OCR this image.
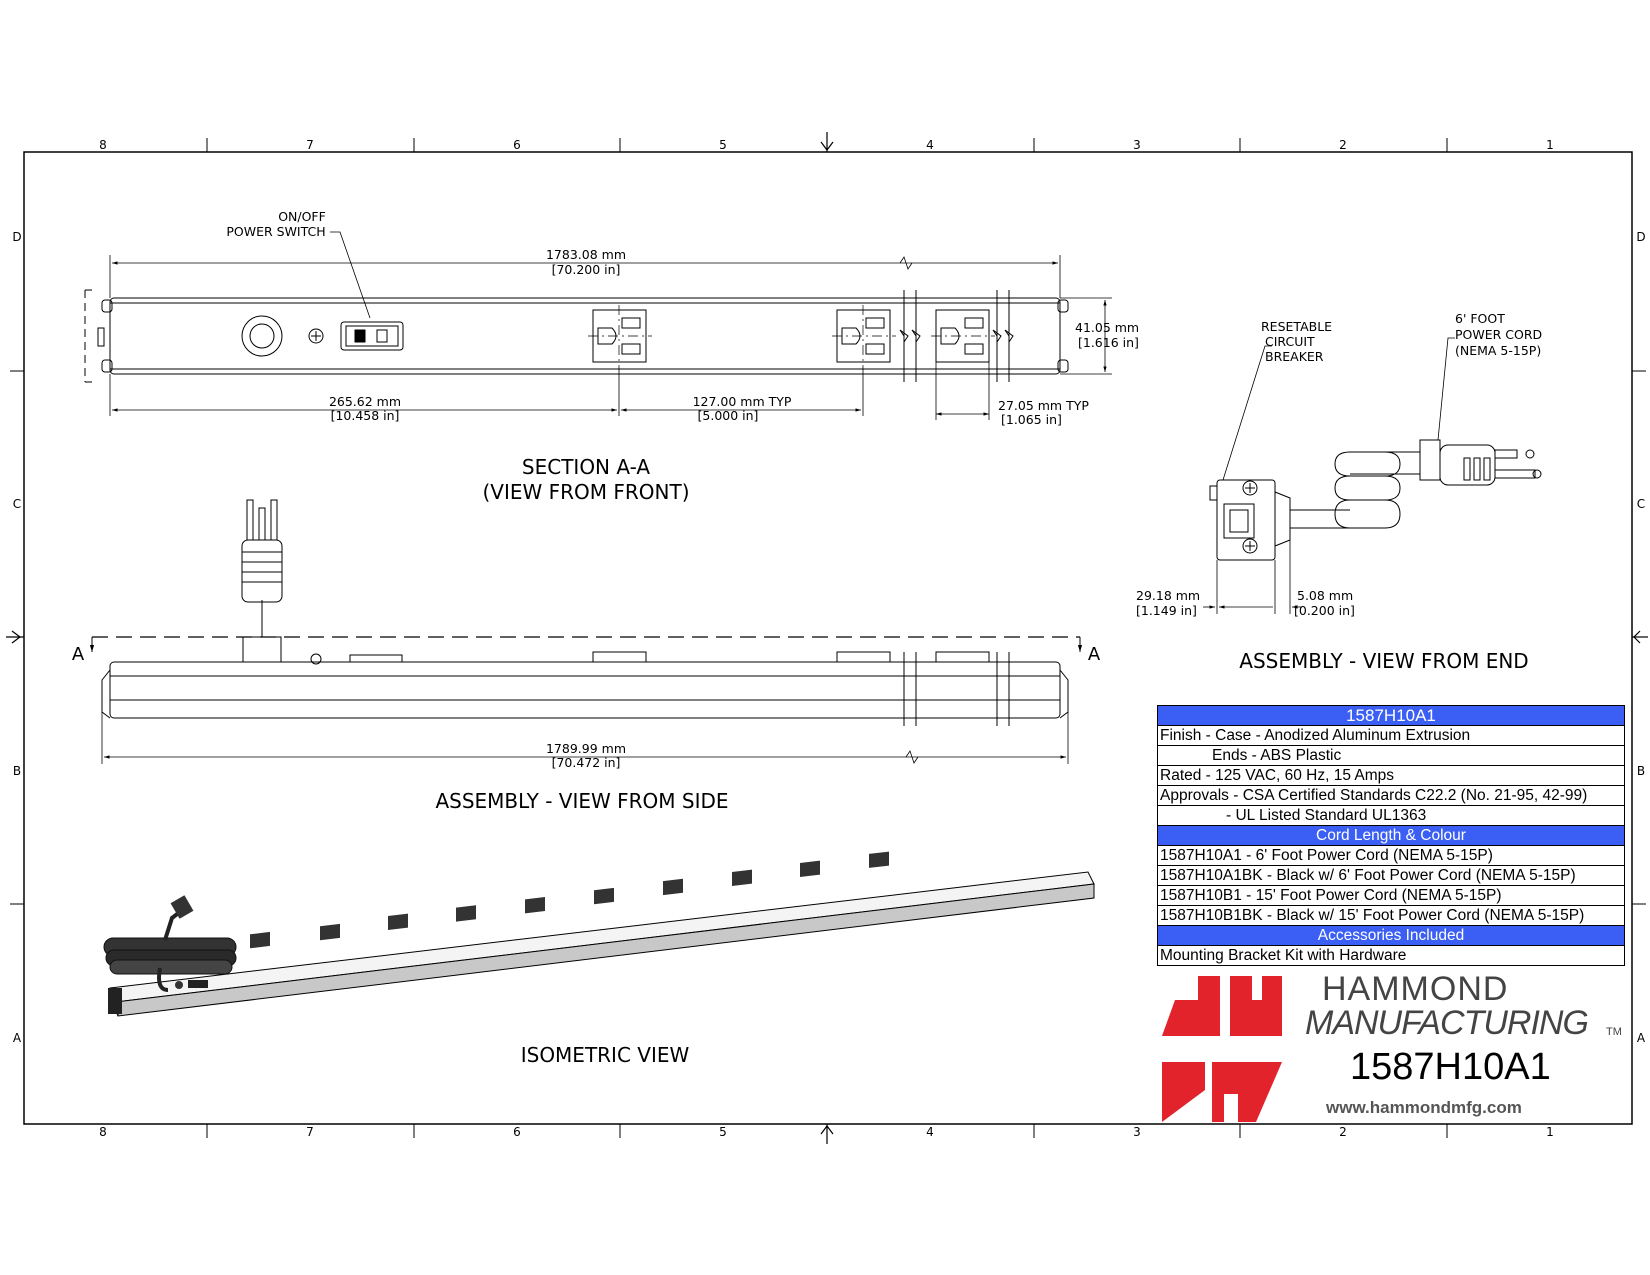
8	7	6	5	4	3	2	1
8	7	6	5	4	3	2	1
D
C
B
A
D
C
B
A
ON/OFF
POWER SWITCH
1783.08 mm
[70.200 in]
41.05 mm
[1.616 in]
265.62 mm
[10.458 in]
127.00 mm TYP
[5.000 in]
27.05 mm TYP
[1.065 in]
SECTION A-A
(VIEW FROM FRONT)
A	A
1789.99 mm
[70.472 in]
ASSEMBLY - VIEW FROM SIDE
RESETABLE
CIRCUIT
BREAKER
6' FOOT
POWER CORD
(NEMA 5-15P)
29.18 mm
[1.149 in]
5.08 mm
[0.200 in]
ASSEMBLY - VIEW FROM END
ISOMETRIC VIEW
1587H10A1
Finish - Case - Anodized Aluminum Extrusion
Ends - ABS Plastic
Rated - 125 VAC, 60 Hz, 15 Amps
Approvals - CSA Certified Standards C22.2 (No. 21-95, 42-99)
- UL Listed Standard UL1363
Cord Length & Colour
1587H10A1 - 6' Foot Power Cord (NEMA 5-15P)
1587H10A1BK - Black w/ 6' Foot Power Cord (NEMA 5-15P)
1587H10B1 - 15' Foot Power Cord (NEMA 5-15P)
1587H10B1BK - Black w/ 15' Foot Power Cord (NEMA 5-15P)
Accessories Included
Mounting Bracket Kit with Hardware
HAMMOND
MANUFACTURING TM
1587H10A1
www.hammondmfg.com
